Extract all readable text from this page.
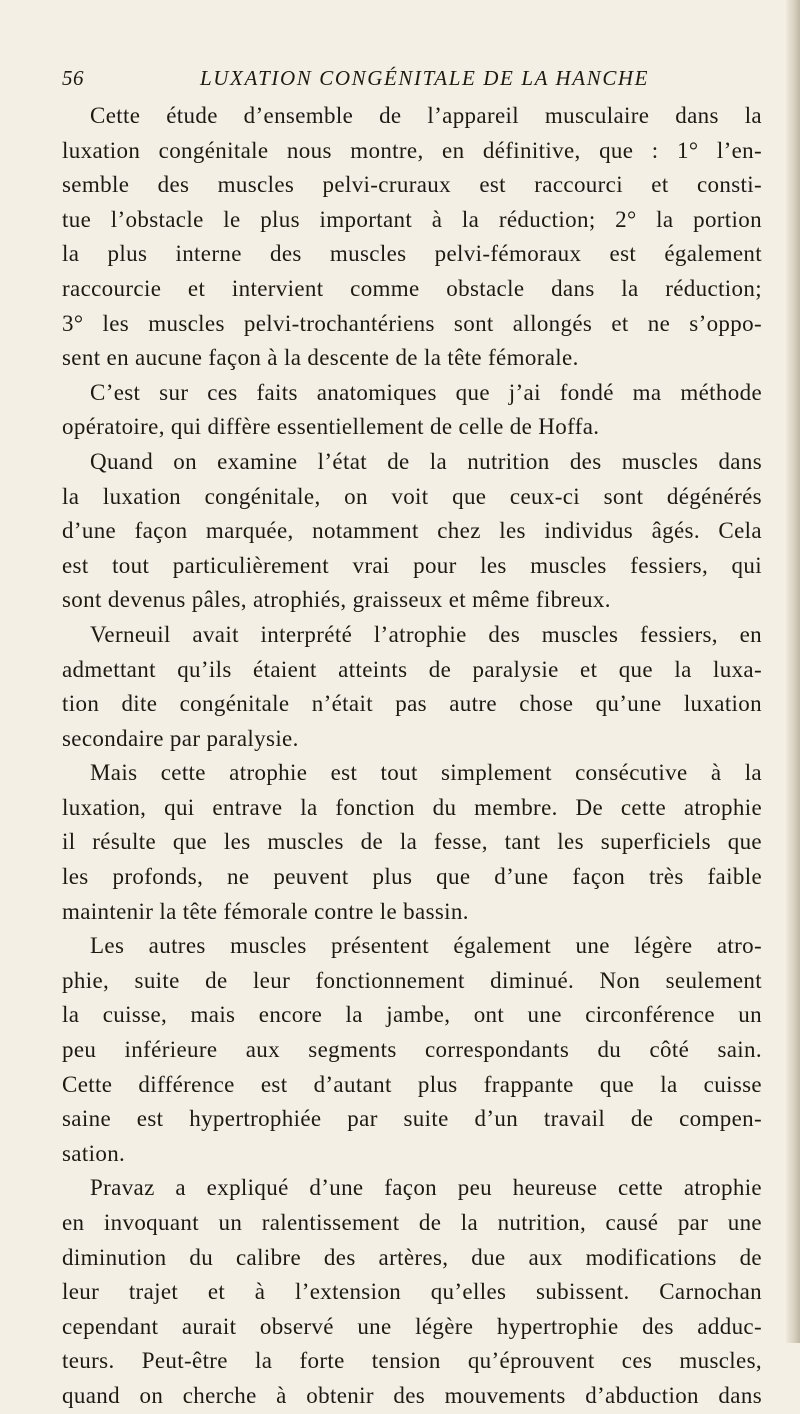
56	LUXATION CONGÉNITALE DE LA HANCHE
Cette étude d’ensemble de l’appareil musculaire dans la
luxation congénitale nous montre, en définitive, que : 1° l’en-
semble des muscles pelvi-cruraux est raccourci et consti-
tue l’obstacle le plus important à la réduction; 2° la portion
la plus interne des muscles pelvi-fémoraux est également
raccourcie et intervient comme obstacle dans la réduction;
3° les muscles pelvi-trochantériens sont allongés et ne s’oppo-
sent en aucune façon à la descente de la tête fémorale.
C’est sur ces faits anatomiques que j’ai fondé ma méthode
opératoire, qui diffère essentiellement de celle de Hoffa.
Quand on examine l’état de la nutrition des muscles dans
la luxation congénitale, on voit que ceux-ci sont dégénérés
d’une façon marquée, notamment chez les individus âgés. Cela
est tout particulièrement vrai pour les muscles fessiers, qui
sont devenus pâles, atrophiés, graisseux et même fibreux.
Verneuil avait interprété l’atrophie des muscles fessiers, en
admettant qu’ils étaient atteints de paralysie et que la luxa-
tion dite congénitale n’était pas autre chose qu’une luxation
secondaire par paralysie.
Mais cette atrophie est tout simplement consécutive à la
luxation, qui entrave la fonction du membre. De cette atrophie
il résulte que les muscles de la fesse, tant les superficiels que
les profonds, ne peuvent plus que d’une façon très faible
maintenir la tête fémorale contre le bassin.
Les autres muscles présentent également une légère atro-
phie, suite de leur fonctionnement diminué. Non seulement
la cuisse, mais encore la jambe, ont une circonférence un
peu inférieure aux segments correspondants du côté sain.
Cette différence est d’autant plus frappante que la cuisse
saine est hypertrophiée par suite d’un travail de compen-
sation.
Pravaz a expliqué d’une façon peu heureuse cette atrophie
en invoquant un ralentissement de la nutrition, causé par une
diminution du calibre des artères, due aux modifications de
leur trajet et à l’extension qu’elles subissent. Carnochan
cependant aurait observé une légère hypertrophie des adduc-
teurs. Peut-être la forte tension qu’éprouvent ces muscles,
quand on cherche à obtenir des mouvements d’abduction dans
